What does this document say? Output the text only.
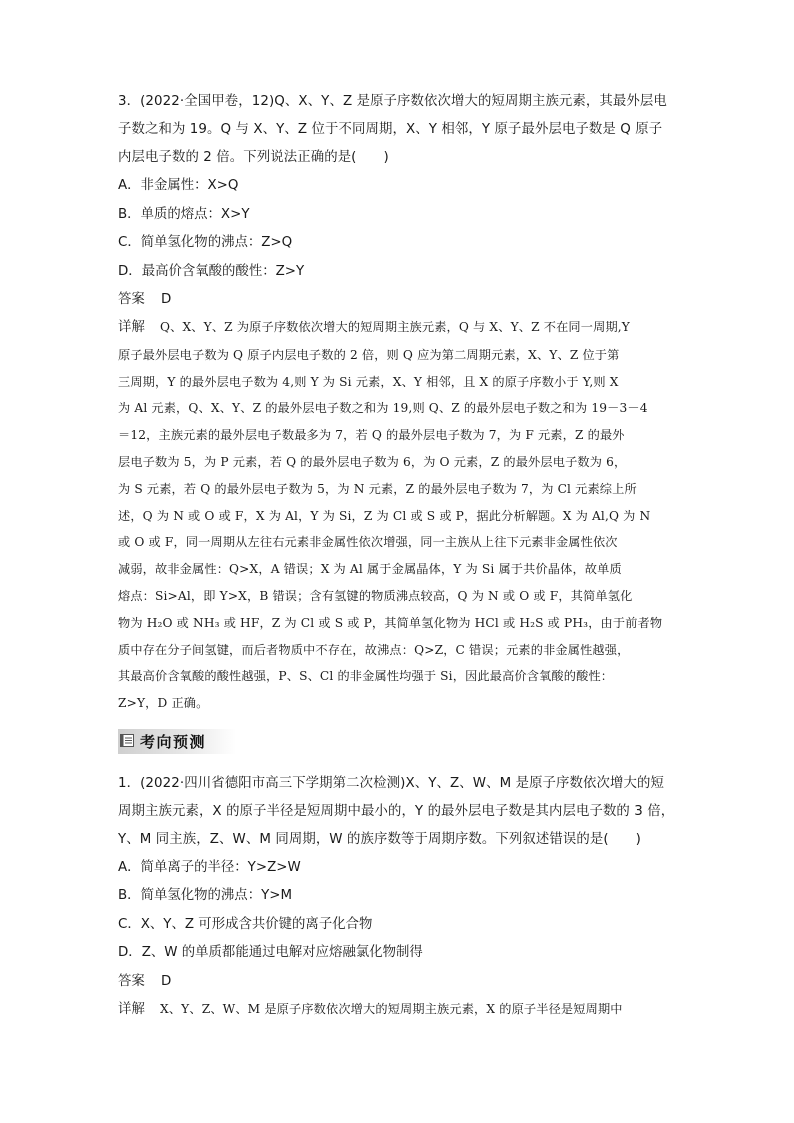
3．(2022·全国甲卷，12)Q、X、Y、Z 是原子序数依次增大的短周期主族元素，其最外层电
子数之和为 19。Q 与 X、Y、Z 位于不同周期，X、Y 相邻，Y 原子最外层电子数是 Q 原子
内层电子数的 2 倍。下列说法正确的是(　　)
A．非金属性：X>Q
B．单质的熔点：X>Y
C．简单氢化物的沸点：Z>Q
D．最高价含氧酸的酸性：Z>Y
答案 D
详解 Q、X、Y、Z 为原子序数依次增大的短周期主族元素，Q 与 X、Y、Z 不在同一周期,Y
原子最外层电子数为 Q 原子内层电子数的 2 倍，则 Q 应为第二周期元素，X、Y、Z 位于第
三周期，Y 的最外层电子数为 4,则 Y 为 Si 元素，X、Y 相邻，且 X 的原子序数小于 Y,则 X
为 Al 元素，Q、X、Y、Z 的最外层电子数之和为 19,则 Q、Z 的最外层电子数之和为 19－3－4
＝12，主族元素的最外层电子数最多为 7，若 Q 的最外层电子数为 7，为 F 元素，Z 的最外
层电子数为 5，为 P 元素，若 Q 的最外层电子数为 6，为 O 元素，Z 的最外层电子数为 6，
为 S 元素，若 Q 的最外层电子数为 5，为 N 元素，Z 的最外层电子数为 7，为 Cl 元素综上所
述，Q 为 N 或 O 或 F，X 为 Al，Y 为 Si，Z 为 Cl 或 S 或 P，据此分析解题。X 为 Al,Q 为 N
或 O 或 F，同一周期从左往右元素非金属性依次增强，同一主族从上往下元素非金属性依次
减弱，故非金属性：Q>X，A 错误；X 为 Al 属于金属晶体，Y 为 Si 属于共价晶体，故单质
熔点：Si>Al，即 Y>X，B 错误；含有氢键的物质沸点较高，Q 为 N 或 O 或 F，其简单氢化
物为 H₂O 或 NH₃ 或 HF，Z 为 Cl 或 S 或 P，其简单氢化物为 HCl 或 H₂S 或 PH₃，由于前者物
质中存在分子间氢键，而后者物质中不存在，故沸点：Q>Z，C 错误；元素的非金属性越强，
其最高价含氧酸的酸性越强，P、S、Cl 的非金属性均强于 Si，因此最高价含氧酸的酸性：
Z>Y，D 正确。
考向预测
1．(2022·四川省德阳市高三下学期第二次检测)X、Y、Z、W、M 是原子序数依次增大的短
周期主族元素，X 的原子半径是短周期中最小的，Y 的最外层电子数是其内层电子数的 3 倍，
Y、M 同主族，Z、W、M 同周期，W 的族序数等于周期序数。下列叙述错误的是(　　)
A．简单离子的半径：Y>Z>W
B．简单氢化物的沸点：Y>M
C．X、Y、Z 可形成含共价键的离子化合物
D．Z、W 的单质都能通过电解对应熔融氯化物制得
答案 D
详解 X、Y、Z、W、M 是原子序数依次增大的短周期主族元素，X 的原子半径是短周期中
